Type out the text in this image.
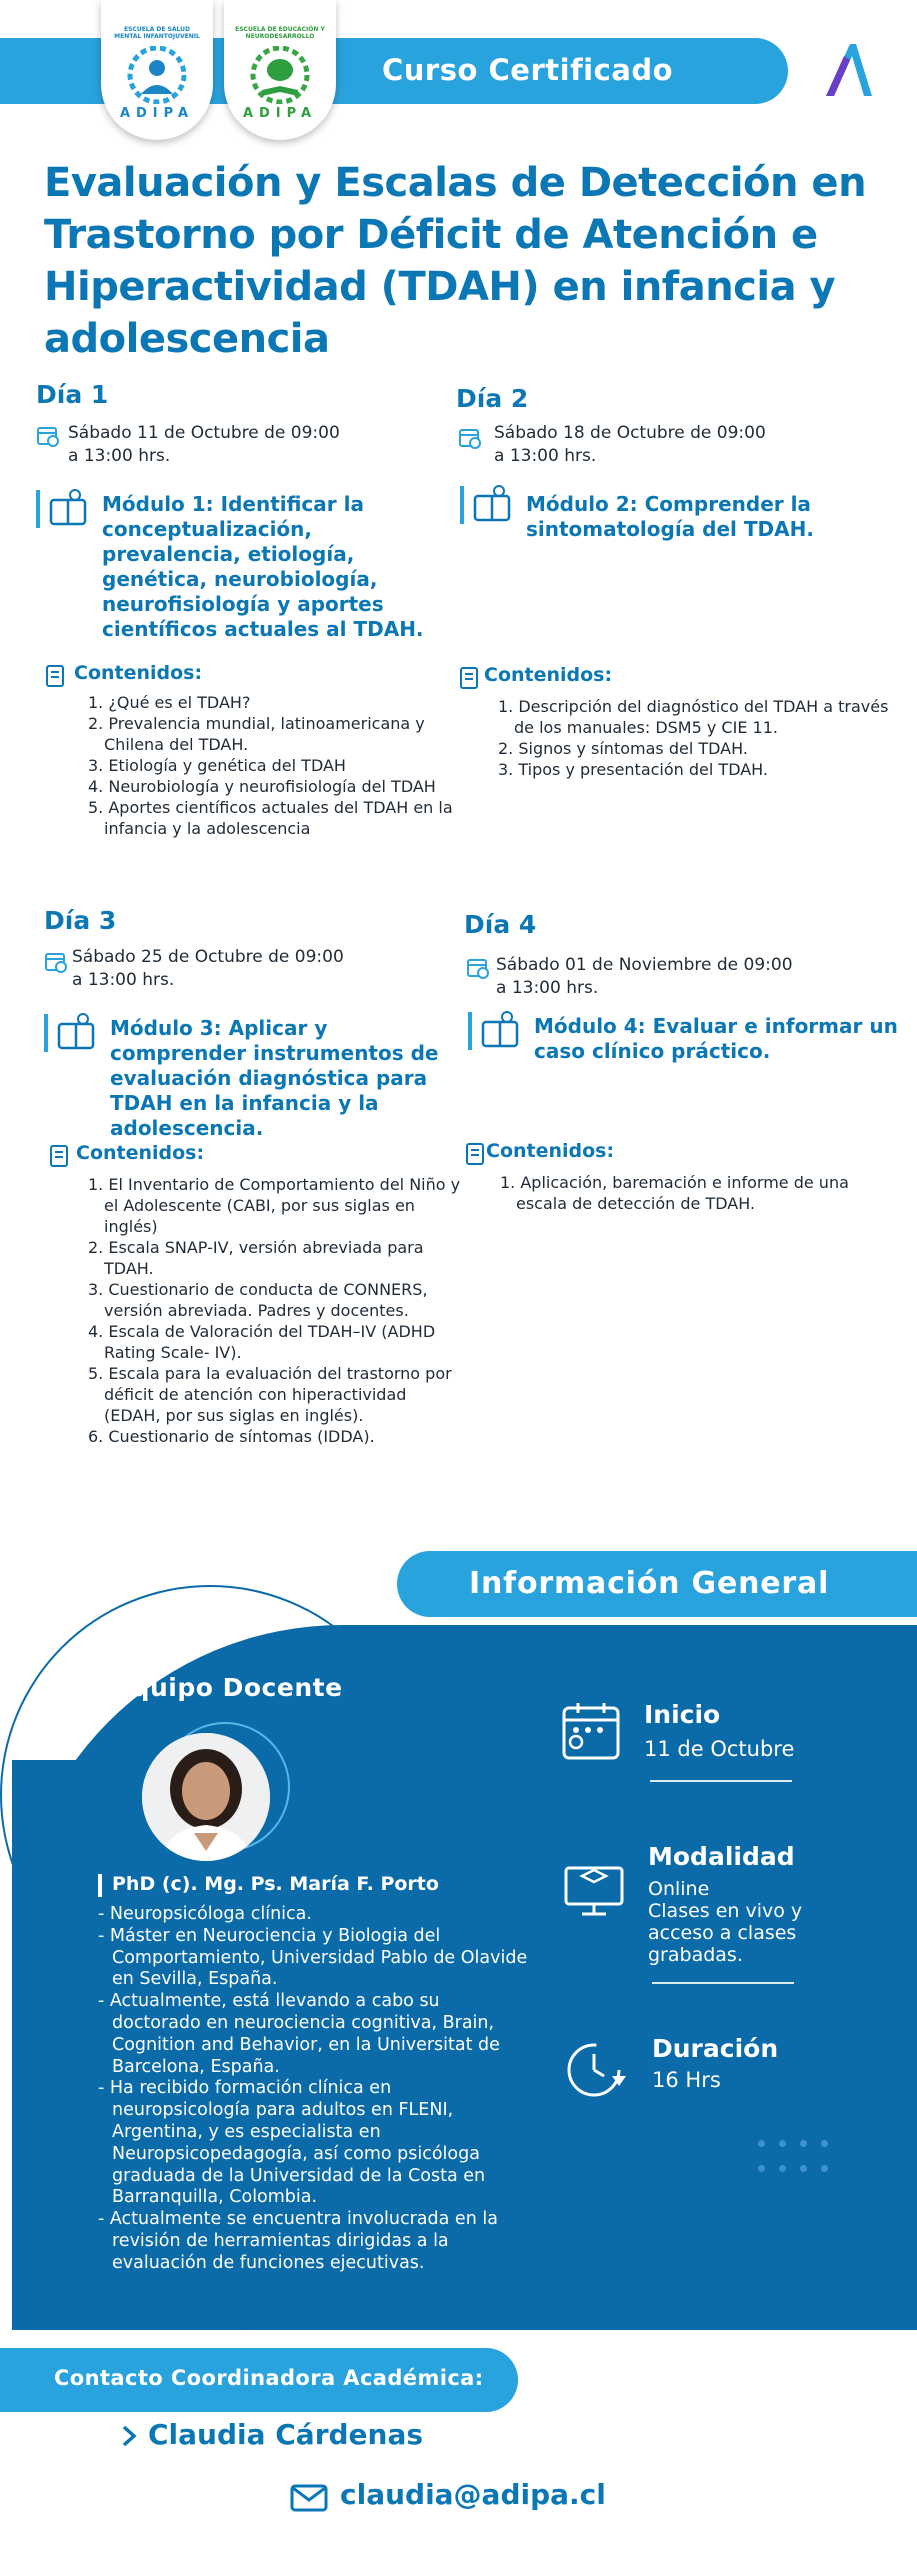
Curso Certificado
ESCUELA DE SALUD MENTAL INFANTOJUVENIL
ADIPA
ESCUELA DE EDUCACIÓN Y NEURODESARROLLO
ADIPA
Evaluación y Escalas de Detección en Trastorno por Déficit de Atención e Hiperactividad (TDAH) en infancia y adolescencia
Día 1
Sábado 11 de Octubre de 09:00
a 13:00 hrs.
Módulo 1: Identificar la conceptualización, prevalencia, etiología, genética, neurobiología, neurofisiología y aportes científicos actuales al TDAH.
Contenidos:
1. ¿Qué es el TDAH?
2. Prevalencia mundial, latinoamericana y Chilena del TDAH.
3. Etiología y genética del TDAH
4. Neurobiología y neurofisiología del TDAH
5. Aportes científicos actuales del TDAH en la infancia y la adolescencia
Día 2
Sábado 18 de Octubre de 09:00
a 13:00 hrs.
Módulo 2: Comprender la sintomatología del TDAH.
Contenidos:
1. Descripción del diagnóstico del TDAH a través de los manuales: DSM5 y CIE 11.
2. Signos y síntomas del TDAH.
3. Tipos y presentación del TDAH.
Día 3
Sábado 25 de Octubre de 09:00
a 13:00 hrs.
Módulo 3: Aplicar y comprender instrumentos de evaluación diagnóstica para TDAH en la infancia y la adolescencia.
Contenidos:
1. El Inventario de Comportamiento del Niño y el Adolescente (CABI, por sus siglas en inglés)
2. Escala SNAP-IV, versión abreviada para TDAH.
3. Cuestionario de conducta de CONNERS, versión abreviada. Padres y docentes.
4. Escala de Valoración del TDAH–IV (ADHD Rating Scale- IV).
5. Escala para la evaluación del trastorno por déficit de atención con hiperactividad (EDAH, por sus siglas en inglés).
6. Cuestionario de síntomas (IDDA).
Día 4
Sábado 01 de Noviembre de 09:00
a 13:00 hrs.
Módulo 4: Evaluar e informar un caso clínico práctico.
Contenidos:
1. Aplicación, baremación e informe de una escala de detección de TDAH.
Información General
Equipo Docente
PhD (c). Mg. Ps. María F. Porto
- Neuropsicóloga clínica.
- Máster en Neurociencia y Biologia del Comportamiento, Universidad Pablo de Olavide en Sevilla, España.
- Actualmente, está llevando a cabo su doctorado en neurociencia cognitiva, Brain, Cognition and Behavior, en la Universitat de Barcelona, España.
- Ha recibido formación clínica en neuropsicología para adultos en FLENI, Argentina, y es especialista en Neuropsicopedagogía, así como psicóloga graduada de la Universidad de la Costa en Barranquilla, Colombia.
- Actualmente se encuentra involucrada en la revisión de herramientas dirigidas a la evaluación de funciones ejecutivas.
Inicio
11 de Octubre
Modalidad
Online
Clases en vivo y acceso a clases grabadas.
Duración
16 Hrs

Contacto Coordinadora Académica:
Claudia Cárdenas
claudia@adipa.cl
